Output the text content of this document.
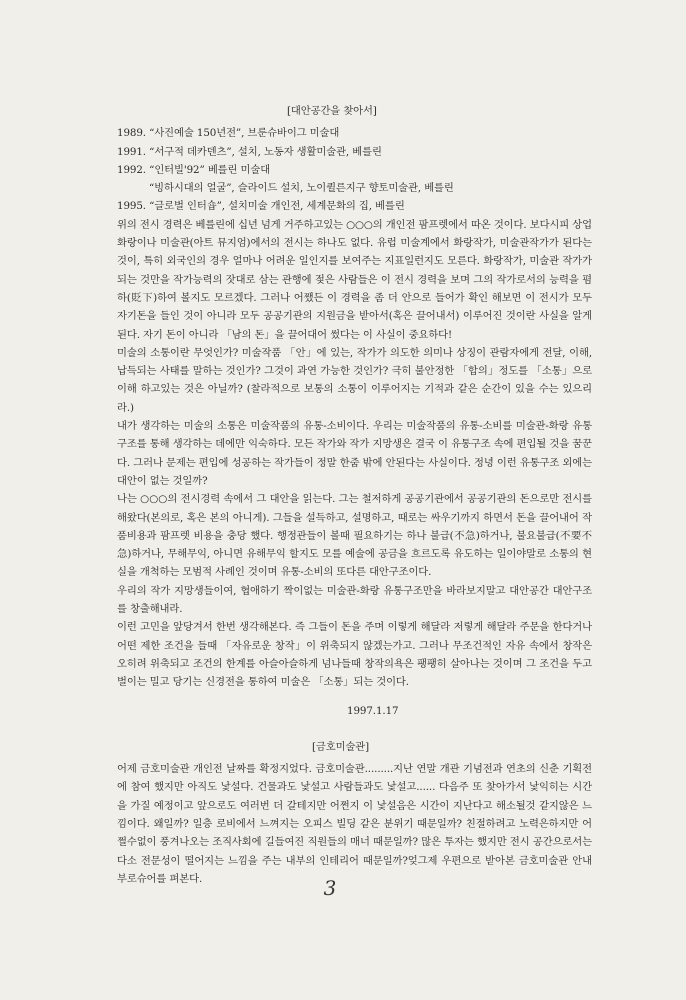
[대안공간을 찾아서]

1989. “사진예술 150년전”, 브룬슈바이그 미술대

1991. “서구적 데카덴츠”, 설치, 노동자 생활미술관, 베를린

1992. “인터빌'92” 베를린 미술대

“빙하시대의 얼굴”, 슬라이드 설치, 노이퀼른지구 향토미술관, 베를린

1995. “글로벌 인터숍”, 설치미술 개인전, 세계문화의 집, 베를린

위의 전시 경력은 베를린에 십년 넘게 거주하고있는 ○○○의 개인전 팜프렛에서 따온 것이다. 보다시피 상업화랑이나 미술관(아트 뮤지엄)에서의 전시는 하나도 없다. 유럽 미술계에서 화랑작가, 미술관작가가 된다는 것이, 특히 외국인의 경우 얼마나 어려운 일인지를 보여주는 지표일런지도 모른다. 화랑작가, 미술관 작가가 되는 것만을 작가능력의 잣대로 삼는 관행에 젖은 사람들은 이 전시 경력을 보며 그의 작가로서의 능력을 폄하(貶下)하여 볼지도 모르겠다. 그러나 어쨌든 이 경력을 좀 더 안으로 들어가 확인 해보면 이 전시가 모두 자기돈을 들인 것이 아니라 모두 공공기관의 지원금을 받아서(혹은 끌어내서) 이루어진 것이란 사실을 알게된다. 자기 돈이 아니라 「남의 돈」을 끌어대어 썼다는 이 사실이 중요하다!

미술의 소통이란 무엇인가? 미술작품 「안」에 있는, 작가가 의도한 의미나 상징이 관람자에게 전달, 이해, 납득되는 사태를 말하는 것인가? 그것이 과연 가능한 것인가? 극히 불안정한 「합의」정도를 「소통」으로 이해 하고있는 것은 아닐까? (찰라적으로 보통의 소통이 이루어지는 기적과 같은 순간이 있을 수는 있으리라.)

내가 생각하는 미술의 소통은 미술작품의 유통-소비이다. 우리는 미술작품의 유통-소비를 미술관-화랑 유통구조를 통해 생각하는 데에만 익숙하다. 모든 작가와 작가 지망생은 결국 이 유통구조 속에 편입될 것을 꿈꾼다. 그러나 문제는 편입에 성공하는 작가들이 정말 한줌 밖에 안된다는 사실이다. 정녕 이런 유통구조 외에는 대안이 없는 것일까?

나는 ○○○의 전시경력 속에서 그 대안을 읽는다. 그는 철저하게 공공기관에서 공공기관의 돈으로만 전시를 해왔다(본의로, 혹은 본의 아니게). 그들을 설득하고, 설명하고, 때로는 싸우기까지 하면서 돈을 끌어내어 작품비용과 팜프렛 비용을 충당 했다. 행정관들이 볼때 필요하기는 하나 불급(不急)하거나, 불요불급(不要不急)하거나, 무해무익, 아니면 유해무익 할지도 모를 예술에 공금을 흐르도록 유도하는 일이야말로 소통의 현실을 개척하는 모범적 사례인 것이며 유통-소비의 또다른 대안구조이다.

우리의 작가 지망생들이여, 협애하기 짝이없는 미술관-화랑 유통구조만을 바라보지말고 대안공간 대안구조를 창출해내라.

이런 고민을 앞당겨서 한번 생각해본다. 즉 그들이 돈을 주며 이렇게 해달라 저렇게 해달라 주문을 한다거나 어떤 제한 조건을 들때 「자유로운 창작」이 위축되지 않겠는가고. 그러나 무조건적인 자유 속에서 창작은 오히려 위축되고 조건의 한계를 아슬아슬하게 넘나들때 창작의욕은 팽팽히 살아나는 것이며 그 조건을 두고 벌이는 밀고 당기는 신경전을 통하여 미술은 「소통」되는 것이다.

1997.1.17

[금호미술관]

어제 금호미술관 개인전 날짜를 확정지었다. 금호미술관.........지난 연말 개관 기념전과 연초의 신춘 기획전에 참여 했지만 아직도 낯설다. 건물과도 낯설고 사람들과도 낯설고...... 다음주 또 찾아가서 낯익히는 시간을 가질 예정이고 앞으로도 여러번 더 갈테지만 어쩐지 이 낯설음은 시간이 지난다고 해소될것 같지않은 느낌이다. 왜일까? 일층 로비에서 느껴지는 오피스 빌딩 같은 분위기 때문일까? 친절하려고 노력은하지만 어쩔수없이 풍겨나오는 조직사회에 길들여진 직원들의 매너 때문일까? 많은 투자는 했지만 전시 공간으로서는 다소 전문성이 떨어지는 느낌을 주는 내부의 인테리어 때문일까?엊그제 우편으로 받아본 금호미술관 안내 부로슈어를 펴본다.	3
